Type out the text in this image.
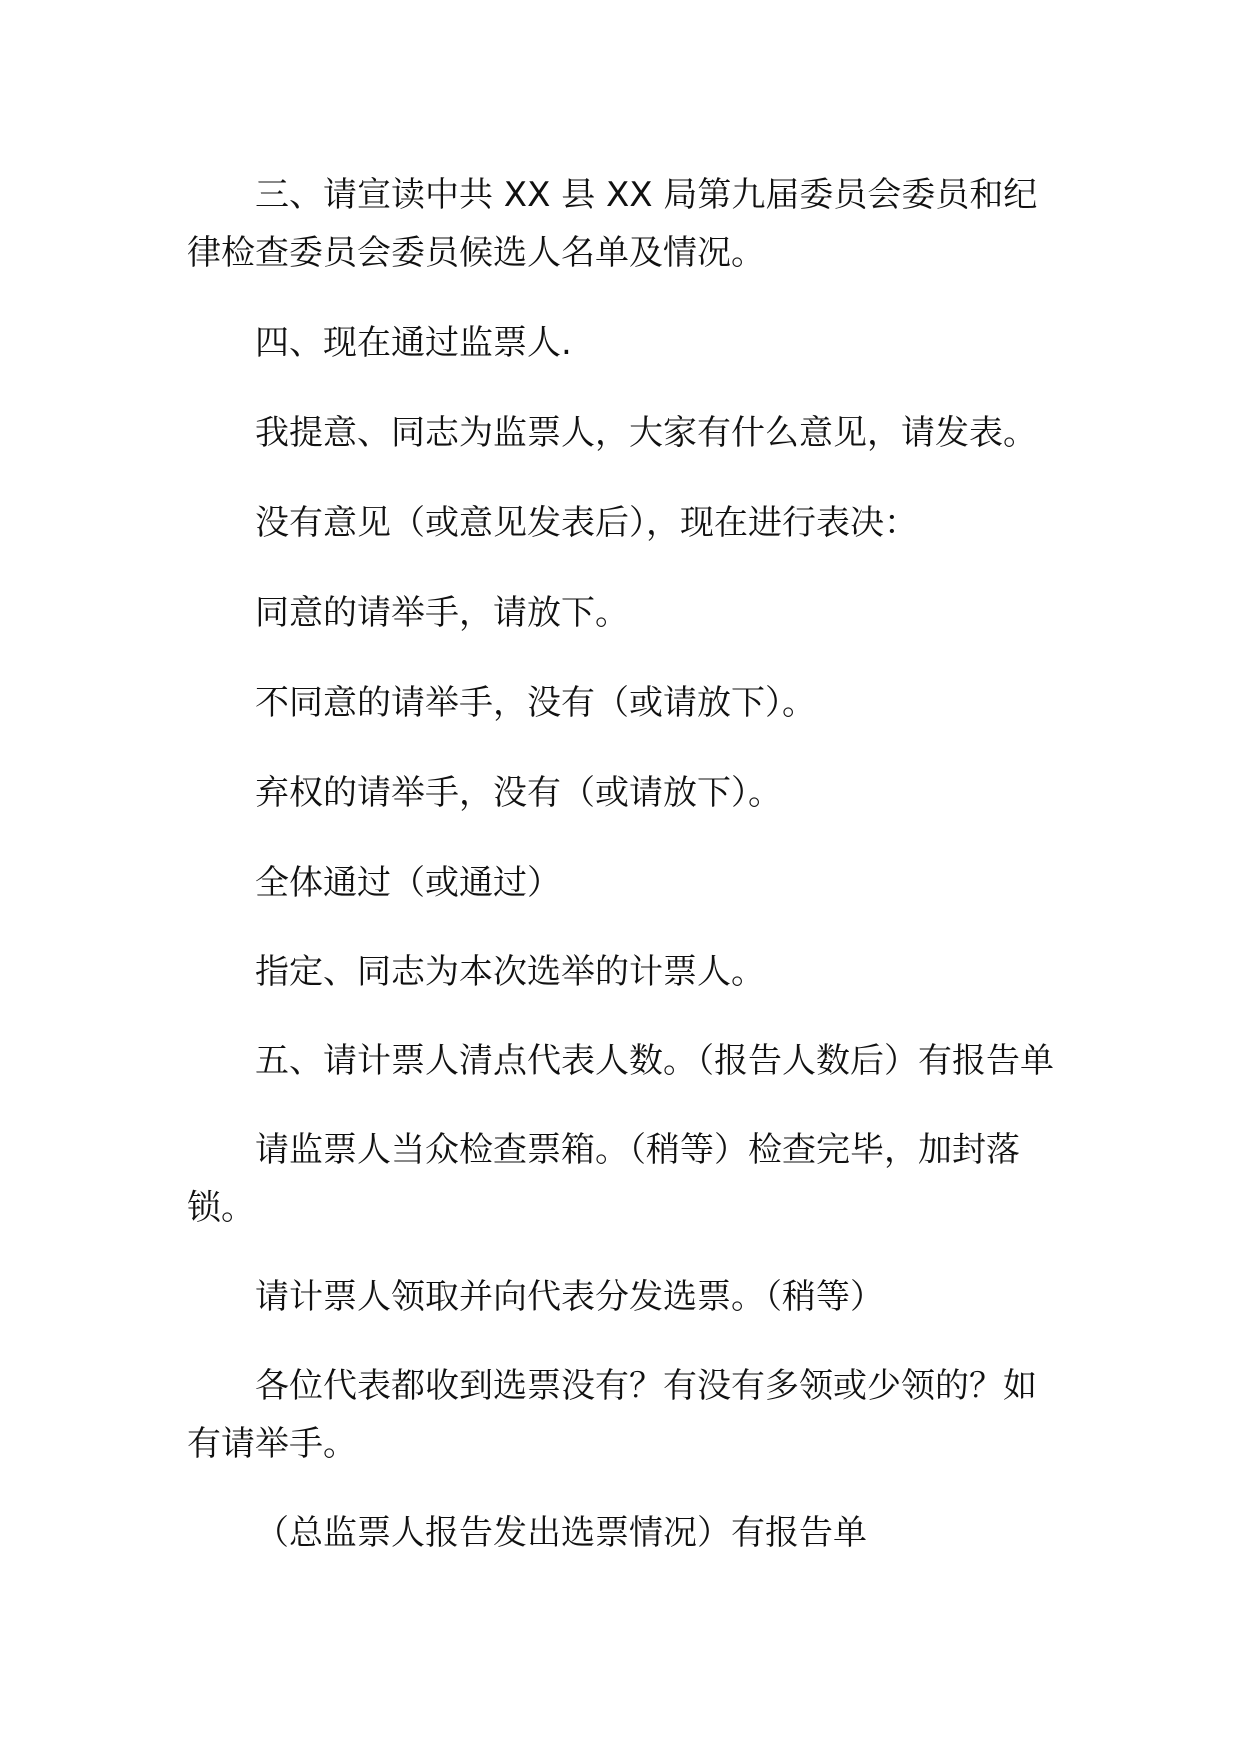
三、请宣读中共 XX 县 XX 局第九届委员会委员和纪律检查委员会委员候选人名单及情况。

四、现在通过监票人.

我提意、同志为监票人，大家有什么意见，请发表。

没有意见（或意见发表后），现在进行表决：

同意的请举手，请放下。

不同意的请举手，没有（或请放下）。

弃权的请举手，没有（或请放下）。

全体通过（或通过）

指定、同志为本次选举的计票人。

五、请计票人清点代表人数。（报告人数后）有报告单

请监票人当众检查票箱。（稍等）检查完毕，加封落锁。

请计票人领取并向代表分发选票。（稍等）

各位代表都收到选票没有？有没有多领或少领的？如有请举手。

（总监票人报告发出选票情况）有报告单
